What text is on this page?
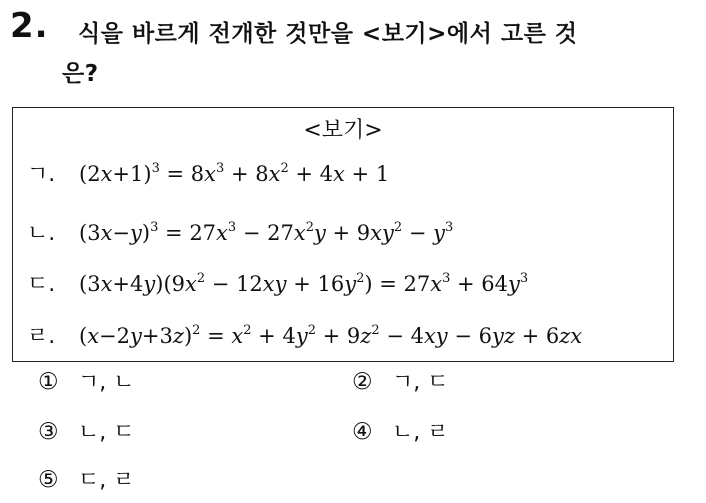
2. 식을 바르게 전개한 것만을 <보기>에서 고른 것
은?
<보기>
ㄱ. $(2x+1)^3 = 8x^3 + 8x^2 + 4x + 1$
ㄴ. $(3x-y)^3 = 27x^3 - 27x^2y + 9xy^2 - y^3$
ㄷ. $(3x+4y)(9x^2 - 12xy + 16y^2) = 27x^3 + 64y^3$
ㄹ. $(x-2y+3z)^2 = x^2 + 4y^2 + 9z^2 - 4xy - 6yz + 6zx$
① ㄱ, ㄴ	② ㄱ, ㄷ
③ ㄴ, ㄷ	④ ㄴ, ㄹ
⑤ ㄷ, ㄹ
